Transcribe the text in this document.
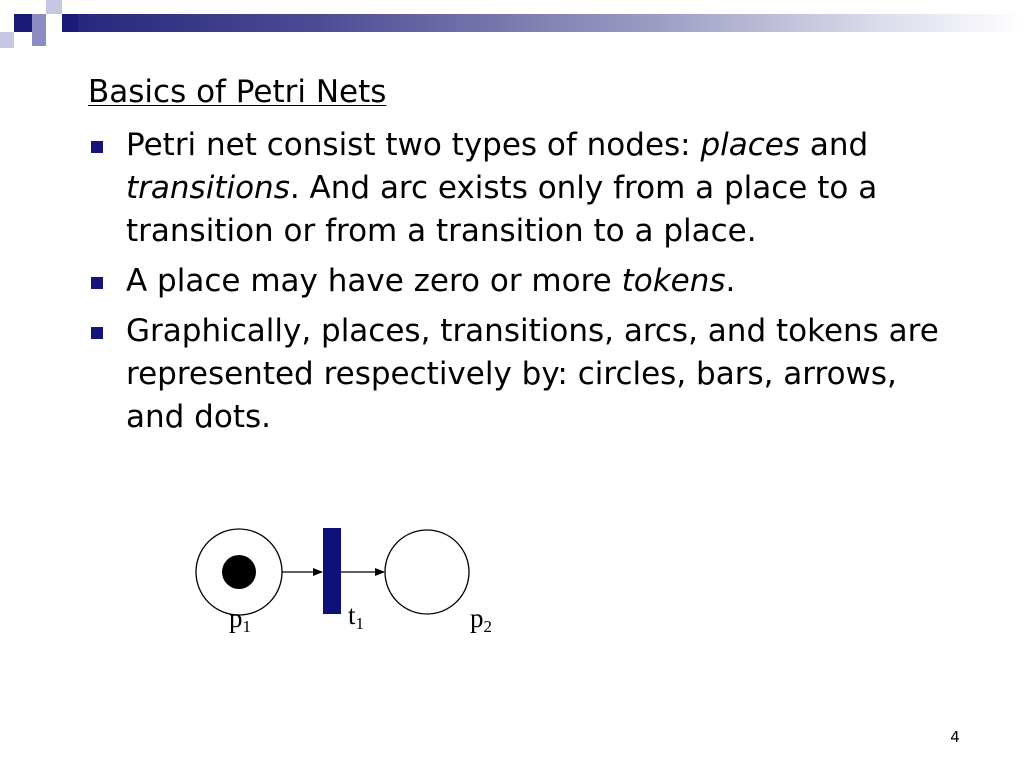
Basics of Petri Nets
Petri net consist two types of nodes: places and transitions. And arc exists only from a place to a transition or from a transition to a place.
A place may have zero or more tokens.
Graphically, places, transitions, arcs, and tokens are represented respectively by: circles, bars, arrows, and dots.
p1	t1	p2
4
